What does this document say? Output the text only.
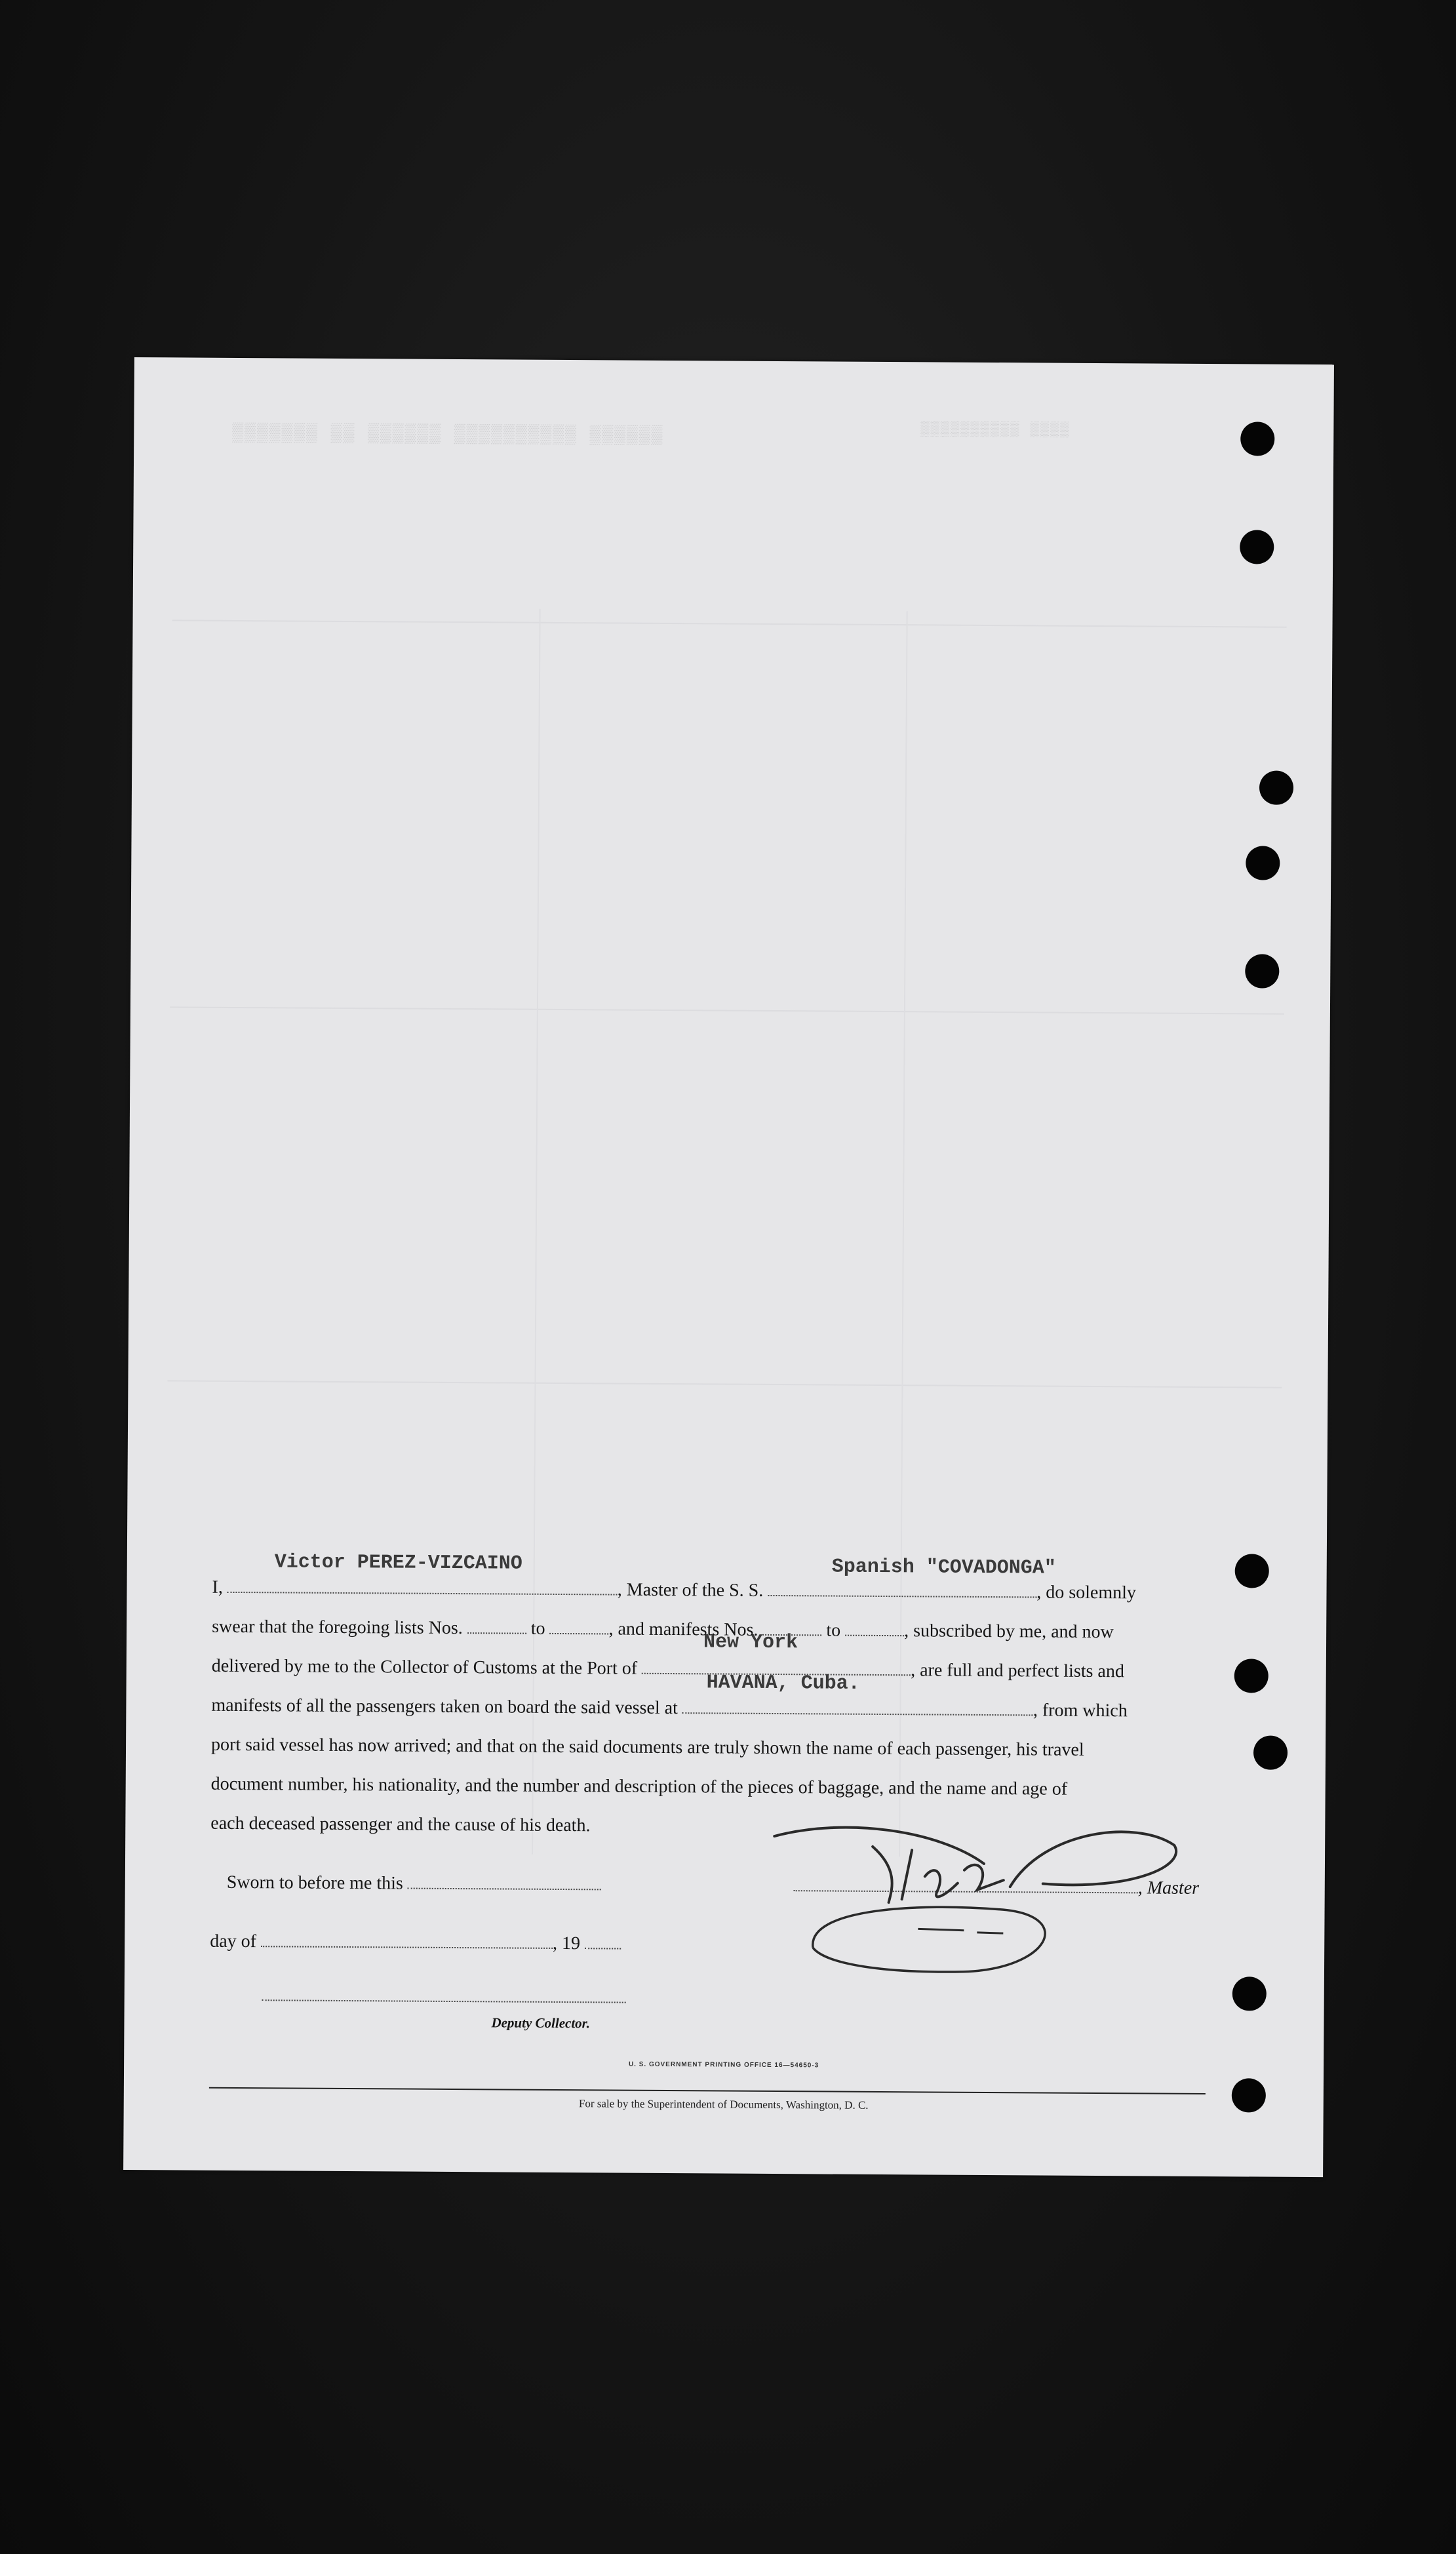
▒▒▒▒▒▒▒ ▒▒ ▒▒▒▒▒▒ ▒▒▒▒▒▒▒▒▒▒ ▒▒▒▒▒▒	▒▒▒▒▒▒▒▒▒▒ ▒▒▒▒
Victor PEREZ-VIZCAINO	Spanish "COVADONGA"
New York
HAVANA, Cuba.
I,	, Master of the S. S.	, do solemnly
swear that the foregoing lists Nos.	to	, and manifests Nos.	to	, subscribed by me, and now
delivered by me to the Collector of Customs at the Port of	, are full and perfect lists and
manifests of all the passengers taken on board the said vessel at	, from which
port said vessel has now arrived; and that on the said documents are truly shown the name of each passenger, his travel
document number, his nationality, and the number and description of the pieces of baggage, and the name and age of
each deceased passenger and the cause of his death.
Sworn to before me this	, Master
day of	, 19
Deputy Collector.
U. S. GOVERNMENT PRINTING OFFICE 16—54650-3
For sale by the Superintendent of Documents, Washington, D. C.
